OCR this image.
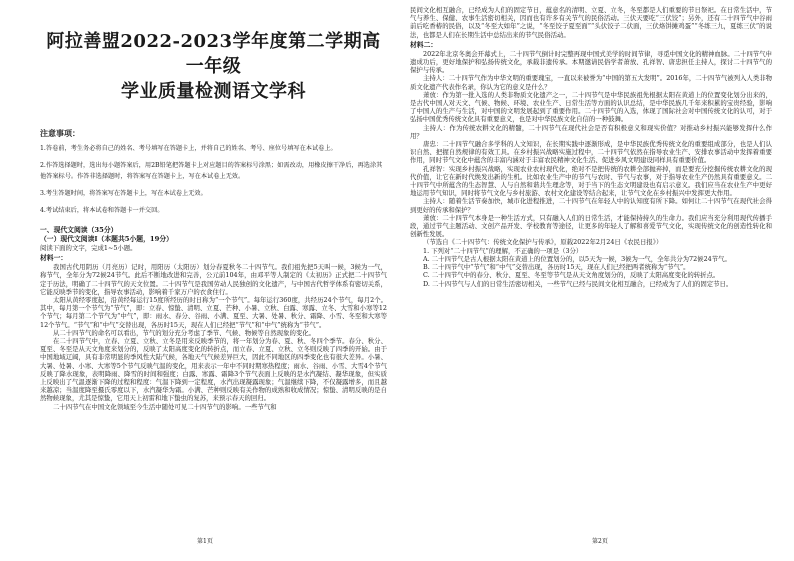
阿拉善盟2022-2023学年度第二学期高一年级
学业质量检测语文学科
注意事项：

1.答卷前，考生务必将自己的姓名、考号填写在答题卡上，并将自己的姓名、考号、座位号填写在本试卷上。

2.作答选择题时，选出每小题答案后，用2B铅笔把答题卡上对应题目的答案标号涂黑；如需改动，用橡皮擦干净后，再选涂其他答案标号。作答非选择题时，将答案写在答题卡上，写在本试卷上无效。

3.考生答题时间，将答案写在答题卡上，写在本试卷上无效。

4.考试结束后，将本试卷和答题卡一并交回。

一、现代文阅读（35分）
（一）现代文阅读Ⅰ（本题共5小题，19分）
阅读下面的文字，完成1~5小题。
材料一：

我国古代用阴历（月亮历）记时，用阳历（太阳历）划分春夏秋冬二十四节气。我们祖先把5天叫一候，3候为一气，称节气，全年分为72候24节气。此后不断地改进和完善，公元前104年，由邓平等人制定的《太初历》正式把二十四节气定于历法，明确了二十四节气的天文位置。二十四节气是我国劳动人民独创的文化遗产，与中国古代哲学体系有密切关系，它能反映季节的变化，指导农事活动，影响着千家万户的衣食住行。

太阳从黄经零度起，沿黄经每运行15度所经历的时日称为“一个节气”。每年运行360度，共经历24个节气，每月2个。其中，每月第一个节气为“节气”，即：立春、惊蛰、清明、立夏、芒种、小暑、立秋、白露、寒露、立冬、大雪和小寒等12个节气；每月第二个节气为“中气”，即：雨水、春分、谷雨、小满、夏至、大暑、处暑、秋分、霜降、小雪、冬至和大寒等12个节气。“节气”和“中气”交替出现，各历时15天，现在人们已经把“节气”和“中气”统称为“节气”。

从二十四节气的命名可以看出，节气的划分充分考虑了季节、气候、物候等自然现象的变化。

在二十四节气中，立春、立夏、立秋、立冬是用来反映季节的，将一年划分为春、夏、秋、冬四个季节。春分、秋分、夏至、冬至是从天文角度来划分的，反映了太阳高度变化的转折点，而立春、立夏、立秋、立冬则反映了四季的开始。由于中国地域辽阔，具有非常明显的季风性大陆气候，各地天气气候差异巨大，因此不同地区的四季变化也有很大差异。小暑、大暑、处暑、小寒、大寒等5个节气反映气温的变化，用来表示一年中不同时期寒热程度；雨水、谷雨、小雪、大雪4个节气反映了降水现象，表明降雨、降雪的时间和强度；白露、寒露、霜降3个节气表面上反映的是水汽凝结、凝华现象，但实质上反映出了气温逐渐下降的过程和程度：气温下降到一定程度，水汽出现凝露现象；气温继续下降，不仅凝露增多，而且越来越凉；当温度降至摄氏零度以下，水汽凝华为霜。小满、芒种则反映有关作物的成熟和收成情况；惊蛰、清明反映的是自然物候现象，尤其是惊蛰，它用天上初雷和地下蛰虫的复苏，来预示春天的回归。

二十四节气在中国文化领域至今生活中随处可见二十四节气的影响。一些节气和

第1页

民间文化相互融合，已经成为人们的固定节日，蕴意名的清明、立夏、立冬，冬至都是人们重要的节日祭祀。在日常生活中，节气与养生、保健、农事生活密切相关，因而也有许多有关节气的民俗活动。三伏天要吃“三伏饺”；另外，还有二十四节气中谷雨前后吃香椿的民俗，以及“冬至大如年”之说，“冬至饺子夏至面”“头伏饺子二伏面，三伏烙饼摊鸡蛋”“冬练三九，夏练三伏”的说法，也都是人们在长期生活中总结出来的节气民俗活动。

材料二：

2022年北京冬奥会开幕式上，二十四节气倒计时完整再现中国式美学的时间节律，寻觅中国文化的精神血脉。二十四节气申遗成功后，更好地保护和弘扬传统文化，承载非遗传承。本期邀请民俗学者萧放、孔祥智、唐忠担任主持人，探讨二十四节气的保护与传承。

主持人：二十四节气作为中华文明的重要瑰宝，一直以来被誉为“中国的第五大发明”。2016年，二十四节气被列入人类非物质文化遗产代表作名录，你认为它的意义是什么？

萧放：作为第一批入选的人类非物质文化遗产之一，二十四节气是中华民族祖先根据太阳在黄道上的位置变化划分出来的，是古代中国人对天文、气候、物候、环境、农业生产、日常生活等方面的认识总结，是中华民族几千年来积累的宝贵经验，影响了中国人的生产与生活，对中国的文明发展起到了重要作用。二十四节气的入选，体现了国际社会对中国传统文化的认可，对于弘扬中国优秀传统文化具有重要意义，也是对中华民族文化自信的一种鼓舞。

主持人：作为传统农耕文化的精髓，二十四节气在现代社会是否有积极意义和现实价值？对推动乡村振兴能够发挥什么作用？

唐忠：二十四节气融合多学科的人文知识，在长期实践中逐渐形成，是中华民族优秀传统文化的重要组成部分，也是人们认识自然、把握自然规律的有效工具。在乡村振兴战略实施过程中，二十四节气依然在指导农业生产、安排农事活动中发挥着重要作用，同时节气文化中蕴含的丰富内涵对于丰富农民精神文化生活、促进乡风文明建设同样具有重要价值。

孔祥智：实现乡村振兴战略，实现农业农村现代化，绝对不是把传统的农耕全部抛弃掉，而是要充分挖掘传统农耕文化的现代价值，让它在新时代焕发出新的生机。比如农业生产中的节气与农时、节气与农事，对于指导农业生产仍然具有重要意义。二十四节气中所蕴含的生态智慧、人与自然和谐共生理念等，对于当下的生态文明建设也有启示意义。我们应当在农业生产中更好地运用节气知识，同时将节气文化与乡村旅游、农村文化建设等结合起来，让节气文化在乡村振兴中发挥更大作用。

主持人：随着生活节奏加快，城市化进程推进，二十四节气在年轻人中的认知度有所下降。如何让二十四节气在现代社会得到更好的传承和保护？

萧放：二十四节气本身是一种生活方式，只有融入人们的日常生活，才能保持持久的生命力。我们应当充分利用现代传播手段，通过节气主题活动、文创产品开发、学校教育等途径，让更多的年轻人了解和喜爱节气文化，实现传统文化的创造性转化和创新性发展。

（节选自《二十四节气：传统文化保护与传承》，原载2022年2月24日《农民日报》）

1. 下列对“二十四节气”的理解，不正确的一项是（3分）

A. 二十四节气是古人根据太阳在黄道上的位置划分的，以5天为一候，3候为一气，全年共分为72候24节气。

B. 二十四节气中“节气”和“中气”交替出现，各历时15天，现在人们已经把两者统称为“节气”。

C. 二十四节气中的春分、秋分、夏至、冬至等节气是从天文角度划分的，反映了太阳高度变化的转折点。

D. 二十四节气与人们的日常生活密切相关，一些节气已经与民间文化相互融合，已经成为了人们的固定节日。

第2页
